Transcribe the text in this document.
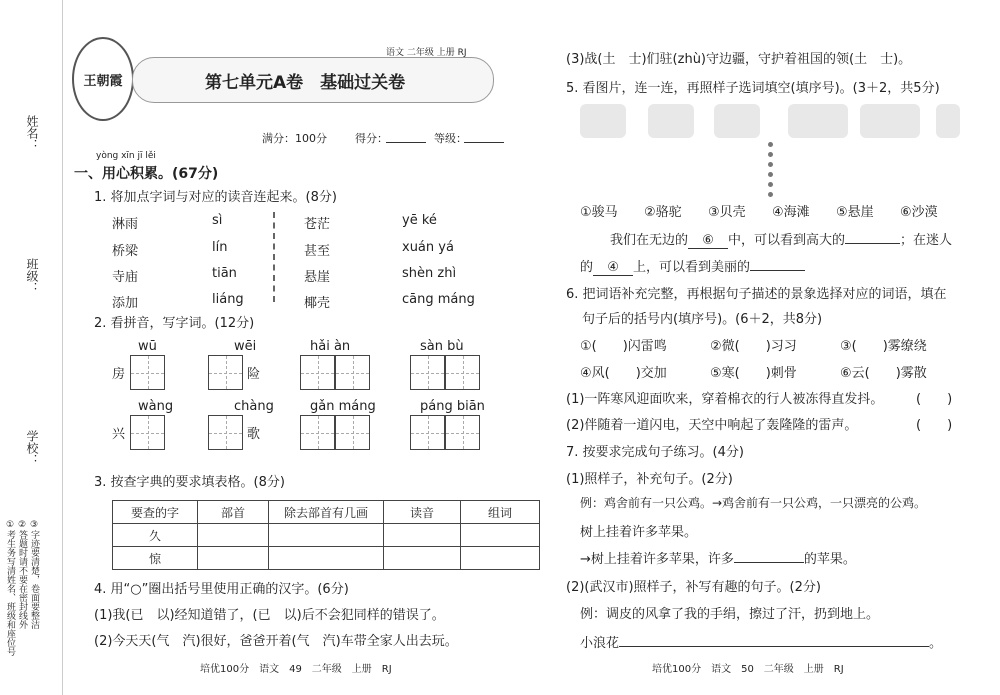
姓名：
班级：
学校：
①考生务写清姓名、班级和座位号 ②答题时请不要在密封线外 ③字迹要清楚，卷面要整洁
王朝霞
语文 二年级 上册 RJ
第七单元A卷　基础过关卷
满分：100分	得分：	等级：
yòng xīn jī lěi
一、用心积累。(67分)
1. 将加点字词与对应的读音连起来。(8分)
淋雨
桥梁
寺庙
添加
sì
lín
tiān
liáng
苍茫
甚至
悬崖
椰壳
yē ké
xuán yá
shèn zhì
cāng máng
2. 看拼音，写字词。(12分)
wū
房
wēi
险
hǎi àn	sàn bù
wàng
兴
chàng
歌
gǎn máng	páng biān
3. 按查字典的要求填表格。(8分)
要查的字	部首	除去部首有几画	读音	组词
久				
惊				
4. 用“○”圈出括号里使用正确的汉字。(6分)
(1)我(已　以)经知道错了，(已　以)后不会犯同样的错误了。
(2)今天天(气　汽)很好，爸爸开着(气　汽)车带全家人出去玩。
培优100分　语文　49　二年级　上册　RJ
(3)战(土　士)们驻(zhù)守边疆，守护着祖国的领(土　士)。
5. 看图片，连一连，再照样子选词填空(填序号)。(3＋2，共5分)
①骏马 ②骆驼 ③贝壳 ④海滩 ⑤悬崖 ⑥沙漠
我们在无边的 ⑥ 中，可以看到高大的	；在迷人
的 ④ 上，可以看到美丽的
6. 把词语补充完整，再根据句子描述的景象选择对应的词语，填在
句子后的括号内(填序号)。(6＋2，共8分)
①(　　)闪雷鸣	②微(　　)习习	③(　　)雾缭绕
④风(　　)交加	⑤寒(　　)刺骨	⑥云(　　)雾散
(1)一阵寒风迎面吹来，穿着棉衣的行人被冻得直发抖。	(　　)
(2)伴随着一道闪电，天空中响起了轰隆隆的雷声。	(　　)
7. 按要求完成句子练习。(4分)
(1)照样子，补充句子。(2分)
例：鸡舍前有一只公鸡。→鸡舍前有一只公鸡，一只漂亮的公鸡。
树上挂着许多苹果。
→树上挂着许多苹果，许多	的苹果。
(2)(武汉市)照样子，补写有趣的句子。(2分)
例：调皮的风拿了我的手绢，擦过了汗，扔到地上。
小浪花	。
培优100分　语文　50　二年级　上册　RJ
